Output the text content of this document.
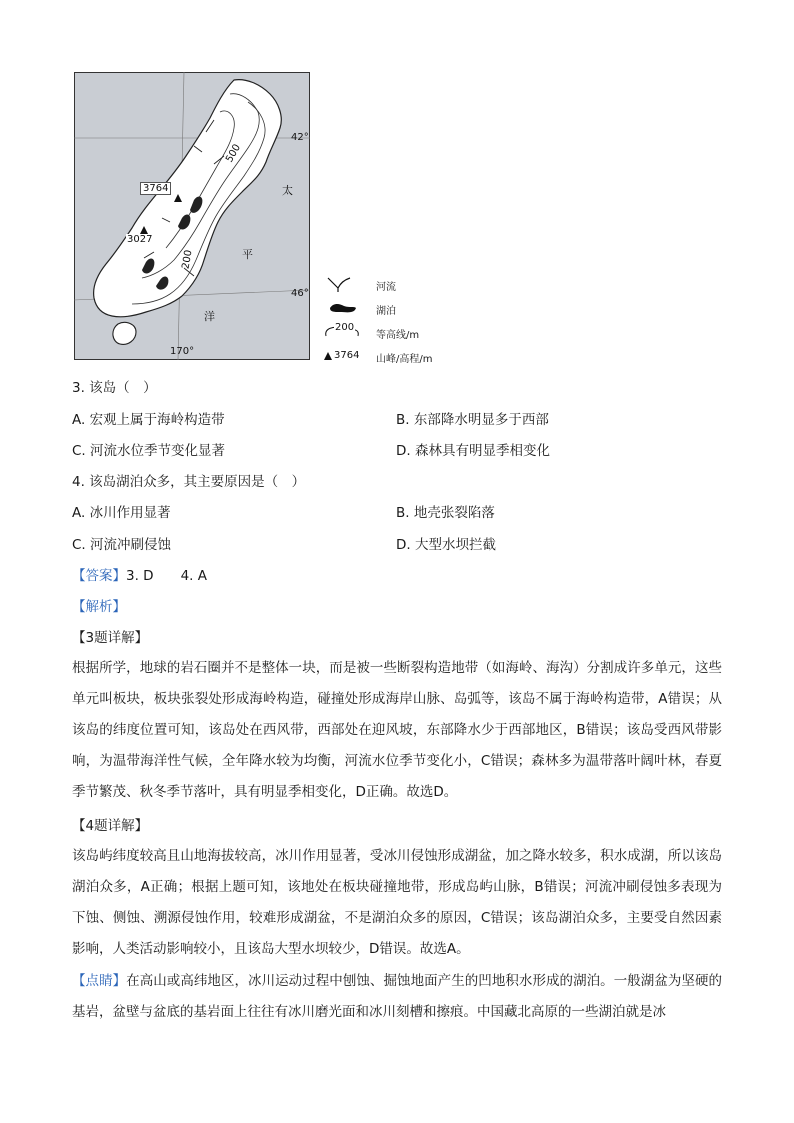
42°
46°
170°
3764
3027
500
200
太
平
洋
河流
湖泊
200
等高线/m
3764 山峰/高程/m
3. 该岛（　）
A. 宏观上属于海岭构造带	B. 东部降水明显多于西部
C. 河流水位季节变化显著	D. 森林具有明显季相变化
4. 该岛湖泊众多，其主要原因是（　）
A. 冰川作用显著	B. 地壳张裂陷落
C. 河流冲刷侵蚀	D. 大型水坝拦截
【答案】3. D　　4. A
【解析】
【3题详解】
根据所学，地球的岩石圈并不是整体一块，而是被一些断裂构造地带（如海岭、海沟）分割成许多单元，这些单元叫板块，板块张裂处形成海岭构造，碰撞处形成海岸山脉、岛弧等，该岛不属于海岭构造带，A错误；从该岛的纬度位置可知，该岛处在西风带，西部处在迎风坡，东部降水少于西部地区，B错误；该岛受西风带影响，为温带海洋性气候，全年降水较为均衡，河流水位季节变化小，C错误；森林多为温带落叶阔叶林，春夏季节繁茂、秋冬季节落叶，具有明显季相变化，D正确。故选D。
【4题详解】
该岛屿纬度较高且山地海拔较高，冰川作用显著，受冰川侵蚀形成湖盆，加之降水较多，积水成湖，所以该岛湖泊众多，A正确；根据上题可知，该地处在板块碰撞地带，形成岛屿山脉，B错误；河流冲刷侵蚀多表现为下蚀、侧蚀、溯源侵蚀作用，较难形成湖盆，不是湖泊众多的原因，C错误；该岛湖泊众多，主要受自然因素影响，人类活动影响较小，且该岛大型水坝较少，D错误。故选A。
【点睛】在高山或高纬地区，冰川运动过程中刨蚀、掘蚀地面产生的凹地积水形成的湖泊。一般湖盆为坚硬的基岩，盆壁与盆底的基岩面上往往有冰川磨光面和冰川刻槽和擦痕。中国藏北高原的一些湖泊就是冰
